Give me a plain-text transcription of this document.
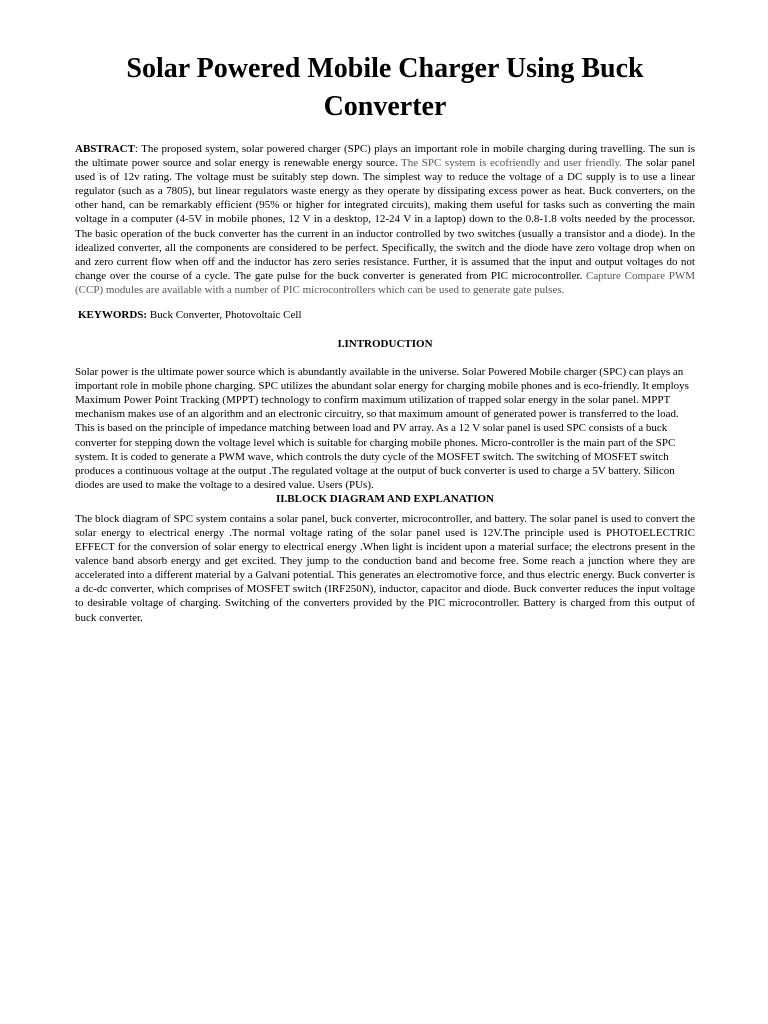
Solar Powered Mobile Charger Using Buck Converter

ABSTRACT: The proposed system, solar powered charger (SPC) plays an important role in mobile charging during travelling. The sun is the ultimate power source and solar energy is renewable energy source. The SPC system is ecofriendly and user friendly. The solar panel used is of 12v rating. The voltage must be suitably step down. The simplest way to reduce the voltage of a DC supply is to use a linear regulator (such as a 7805), but linear regulators waste energy as they operate by dissipating excess power as heat. Buck converters, on the other hand, can be remarkably efficient (95% or higher for integrated circuits), making them useful for tasks such as converting the main voltage in a computer (4-5V in mobile phones, 12 V in a desktop, 12-24 V in a laptop) down to the 0.8-1.8 volts needed by the processor. The basic operation of the buck converter has the current in an inductor controlled by two switches (usually a transistor and a diode). In the idealized converter, all the components are considered to be perfect. Specifically, the switch and the diode have zero voltage drop when on and zero current flow when off and the inductor has zero series resistance. Further, it is assumed that the input and output voltages do not change over the course of a cycle. The gate pulse for the buck converter is generated from PIC microcontroller. Capture Compare PWM (CCP) modules are available with a number of PIC microcontrollers which can be used to generate gate pulses.

KEYWORDS: Buck Converter, Photovoltaic Cell

I.INTRODUCTION

Solar power is the ultimate power source which is abundantly available in the universe. Solar Powered Mobile charger (SPC) can plays an important role in mobile phone charging. SPC utilizes the abundant solar energy for charging mobile phones and is eco-friendly. It employs Maximum Power Point Tracking (MPPT) technology to confirm maximum utilization of trapped solar energy in the solar panel. MPPT mechanism makes use of an algorithm and an electronic circuitry, so that maximum amount of generated power is transferred to the load. This is based on the principle of impedance matching between load and PV array. As a 12 V solar panel is used SPC consists of a buck converter for stepping down the voltage level which is suitable for charging mobile phones. Micro-controller is the main part of the SPC system. It is coded to generate a PWM wave, which controls the duty cycle of the MOSFET switch. The switching of MOSFET switch produces a continuous voltage at the output .The regulated voltage at the output of buck converter is used to charge a 5V battery. Silicon diodes are used to make the voltage to a desired value. Users (PUs).

II.BLOCK DIAGRAM AND EXPLANATION

The block diagram of SPC system contains a solar panel, buck converter, microcontroller, and battery. The solar panel is used to convert the solar energy to electrical energy .The normal voltage rating of the solar panel used is 12V.The principle used is PHOTOELECTRIC EFFECT for the conversion of solar energy to electrical energy .When light is incident upon a material surface; the electrons present in the valence band absorb energy and get excited. They jump to the conduction band and become free. Some reach a junction where they are accelerated into a different material by a Galvani potential. This generates an electromotive force, and thus electric energy. Buck converter is a dc-dc converter, which comprises of MOSFET switch (IRF250N), inductor, capacitor and diode. Buck converter reduces the input voltage to desirable voltage of charging. Switching of the converters provided by the PIC microcontroller. Battery is charged from this output of buck converter.
